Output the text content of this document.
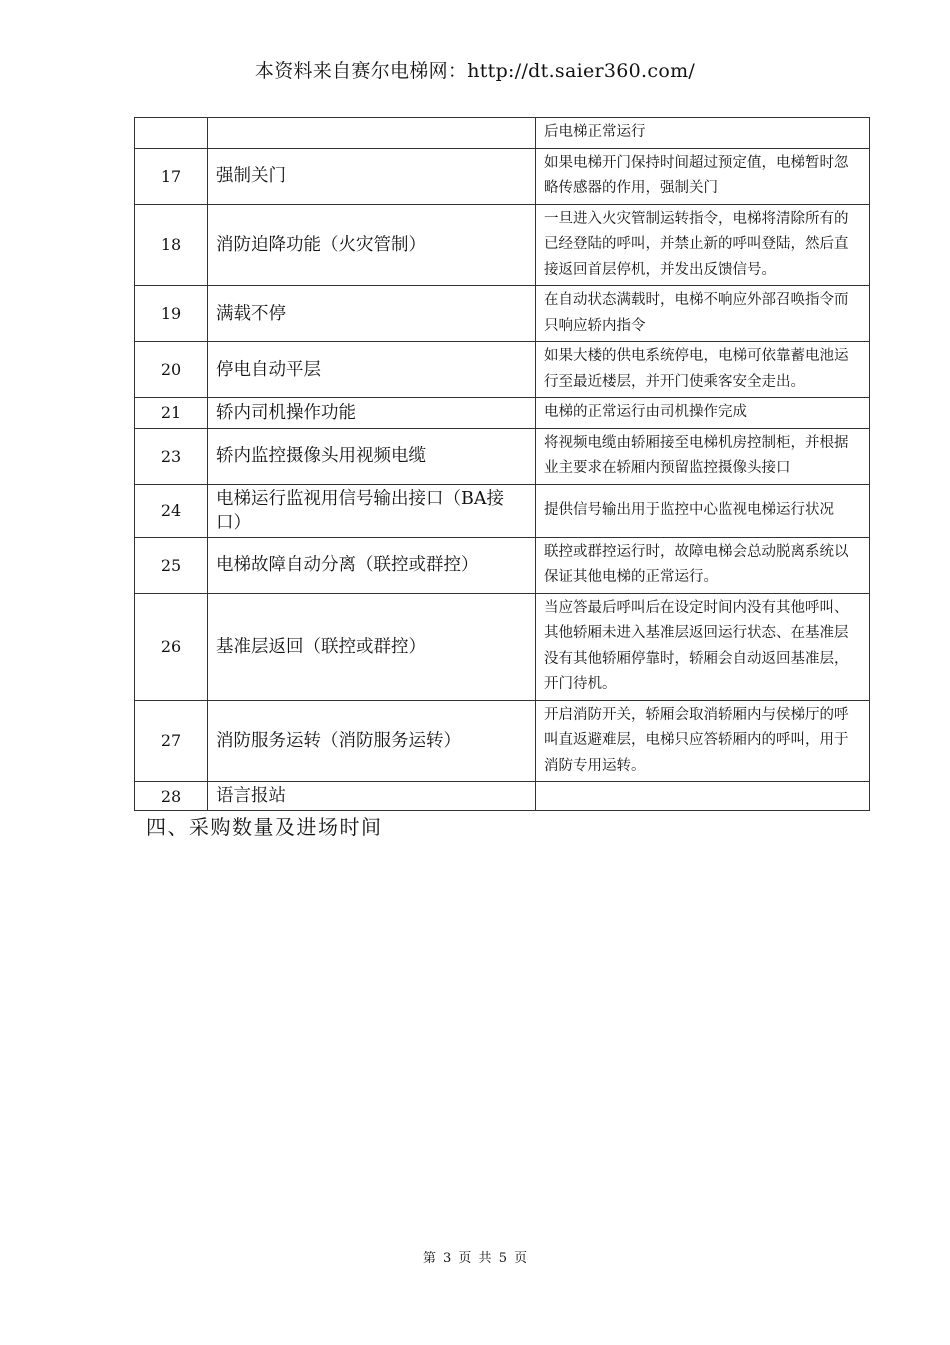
本资料来自赛尔电梯网：http://dt.saier360.com/
		后电梯正常运行
17	强制关门	如果电梯开门保持时间超过预定值，电梯暂时忽略传感器的作用，强制关门
18	消防迫降功能（火灾管制）	一旦进入火灾管制运转指令，电梯将清除所有的已经登陆的呼叫，并禁止新的呼叫登陆，然后直接返回首层停机，并发出反馈信号。
19	满载不停	在自动状态满载时，电梯不响应外部召唤指令而只响应轿内指令
20	停电自动平层	如果大楼的供电系统停电，电梯可依靠蓄电池运行至最近楼层，并开门使乘客安全走出。
21	轿内司机操作功能	电梯的正常运行由司机操作完成
23	轿内监控摄像头用视频电缆	将视频电缆由轿厢接至电梯机房控制柜，并根据业主要求在轿厢内预留监控摄像头接口
24	电梯运行监视用信号输出接口（BA接口）	提供信号输出用于监控中心监视电梯运行状况
25	电梯故障自动分离（联控或群控）	联控或群控运行时，故障电梯会总动脱离系统以保证其他电梯的正常运行。
26	基准层返回（联控或群控）	当应答最后呼叫后在设定时间内没有其他呼叫、其他轿厢未进入基准层返回运行状态、在基准层没有其他轿厢停靠时，轿厢会自动返回基准层，开门待机。
27	消防服务运转（消防服务运转）	开启消防开关，轿厢会取消轿厢内与侯梯厅的呼叫直返避难层，电梯只应答轿厢内的呼叫，用于消防专用运转。
28	语言报站	
四、采购数量及进场时间
第 3 页 共 5 页
